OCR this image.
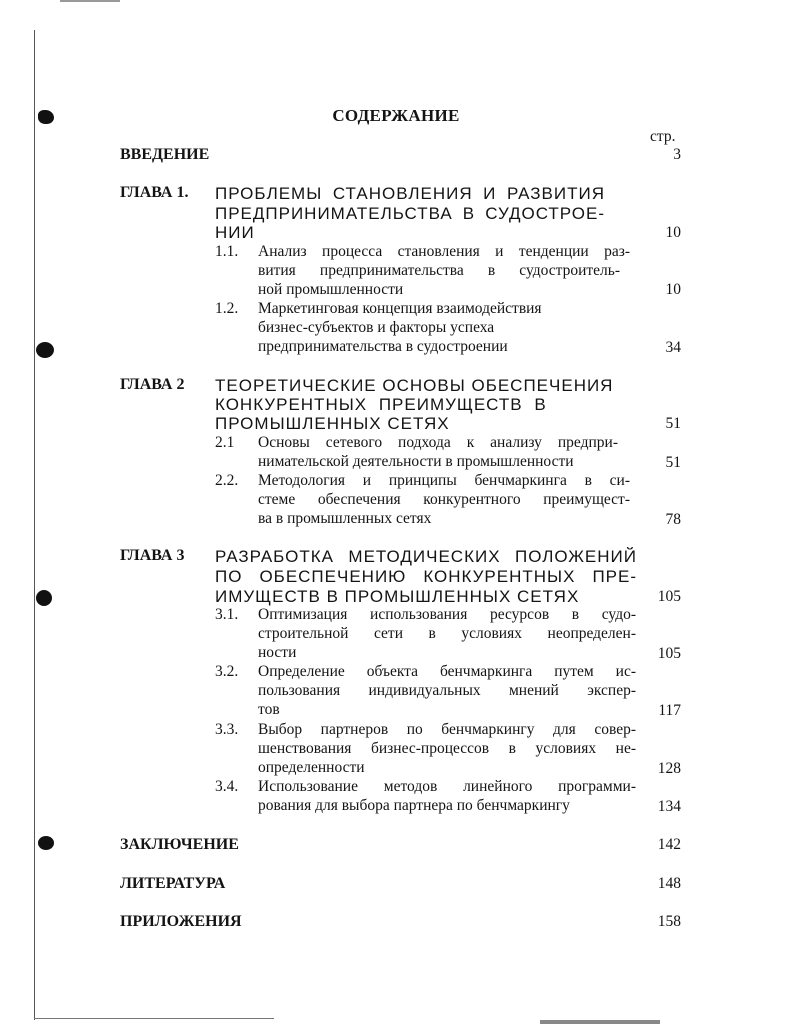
СОДЕРЖАНИЕ
стр.
ВВЕДЕНИЕ	3
ГЛАВА 1. ПРОБЛЕМЫ СТАНОВЛЕНИЯ И РАЗВИТИЯ
ПРЕДПРИНИМАТЕЛЬСТВА В СУДОСТРОЕ-
НИИ	10
1.1. Анализ процесса становления и тенденции раз-
вития предпринимательства в судостроитель-
ной промышленности	10
1.2. Маркетинговая концепция взаимодействия
бизнес-субъектов и факторы успеха
предпринимательства в судостроении	34
ГЛАВА 2 ТЕОРЕТИЧЕСКИЕ ОСНОВЫ ОБЕСПЕЧЕНИЯ
КОНКУРЕНТНЫХ ПРЕИМУЩЕСТВ В
ПРОМЫШЛЕННЫХ СЕТЯХ	51
2.1 Основы сетевого подхода к анализу предпри-
нимательской деятельности в промышленности	51
2.2. Методология и принципы бенчмаркинга в си-
стеме обеспечения конкурентного преимущест-
ва в промышленных сетях	78
ГЛАВА 3 РАЗРАБОТКА МЕТОДИЧЕСКИХ ПОЛОЖЕНИЙ
ПО ОБЕСПЕЧЕНИЮ КОНКУРЕНТНЫХ ПРЕ-
ИМУЩЕСТВ В ПРОМЫШЛЕННЫХ СЕТЯХ	105
3.1. Оптимизация использования ресурсов в судо-
строительной сети в условиях неопределен-
ности	105
3.2. Определение объекта бенчмаркинга путем ис-
пользования индивидуальных мнений экспер-
тов	117
3.3. Выбор партнеров по бенчмаркингу для совер-
шенствования бизнес-процессов в условиях не-
определенности	128
3.4. Использование методов линейного программи-
рования для выбора партнера по бенчмаркингу	134
ЗАКЛЮЧЕНИЕ	142
ЛИТЕРАТУРА	148
ПРИЛОЖЕНИЯ	158
